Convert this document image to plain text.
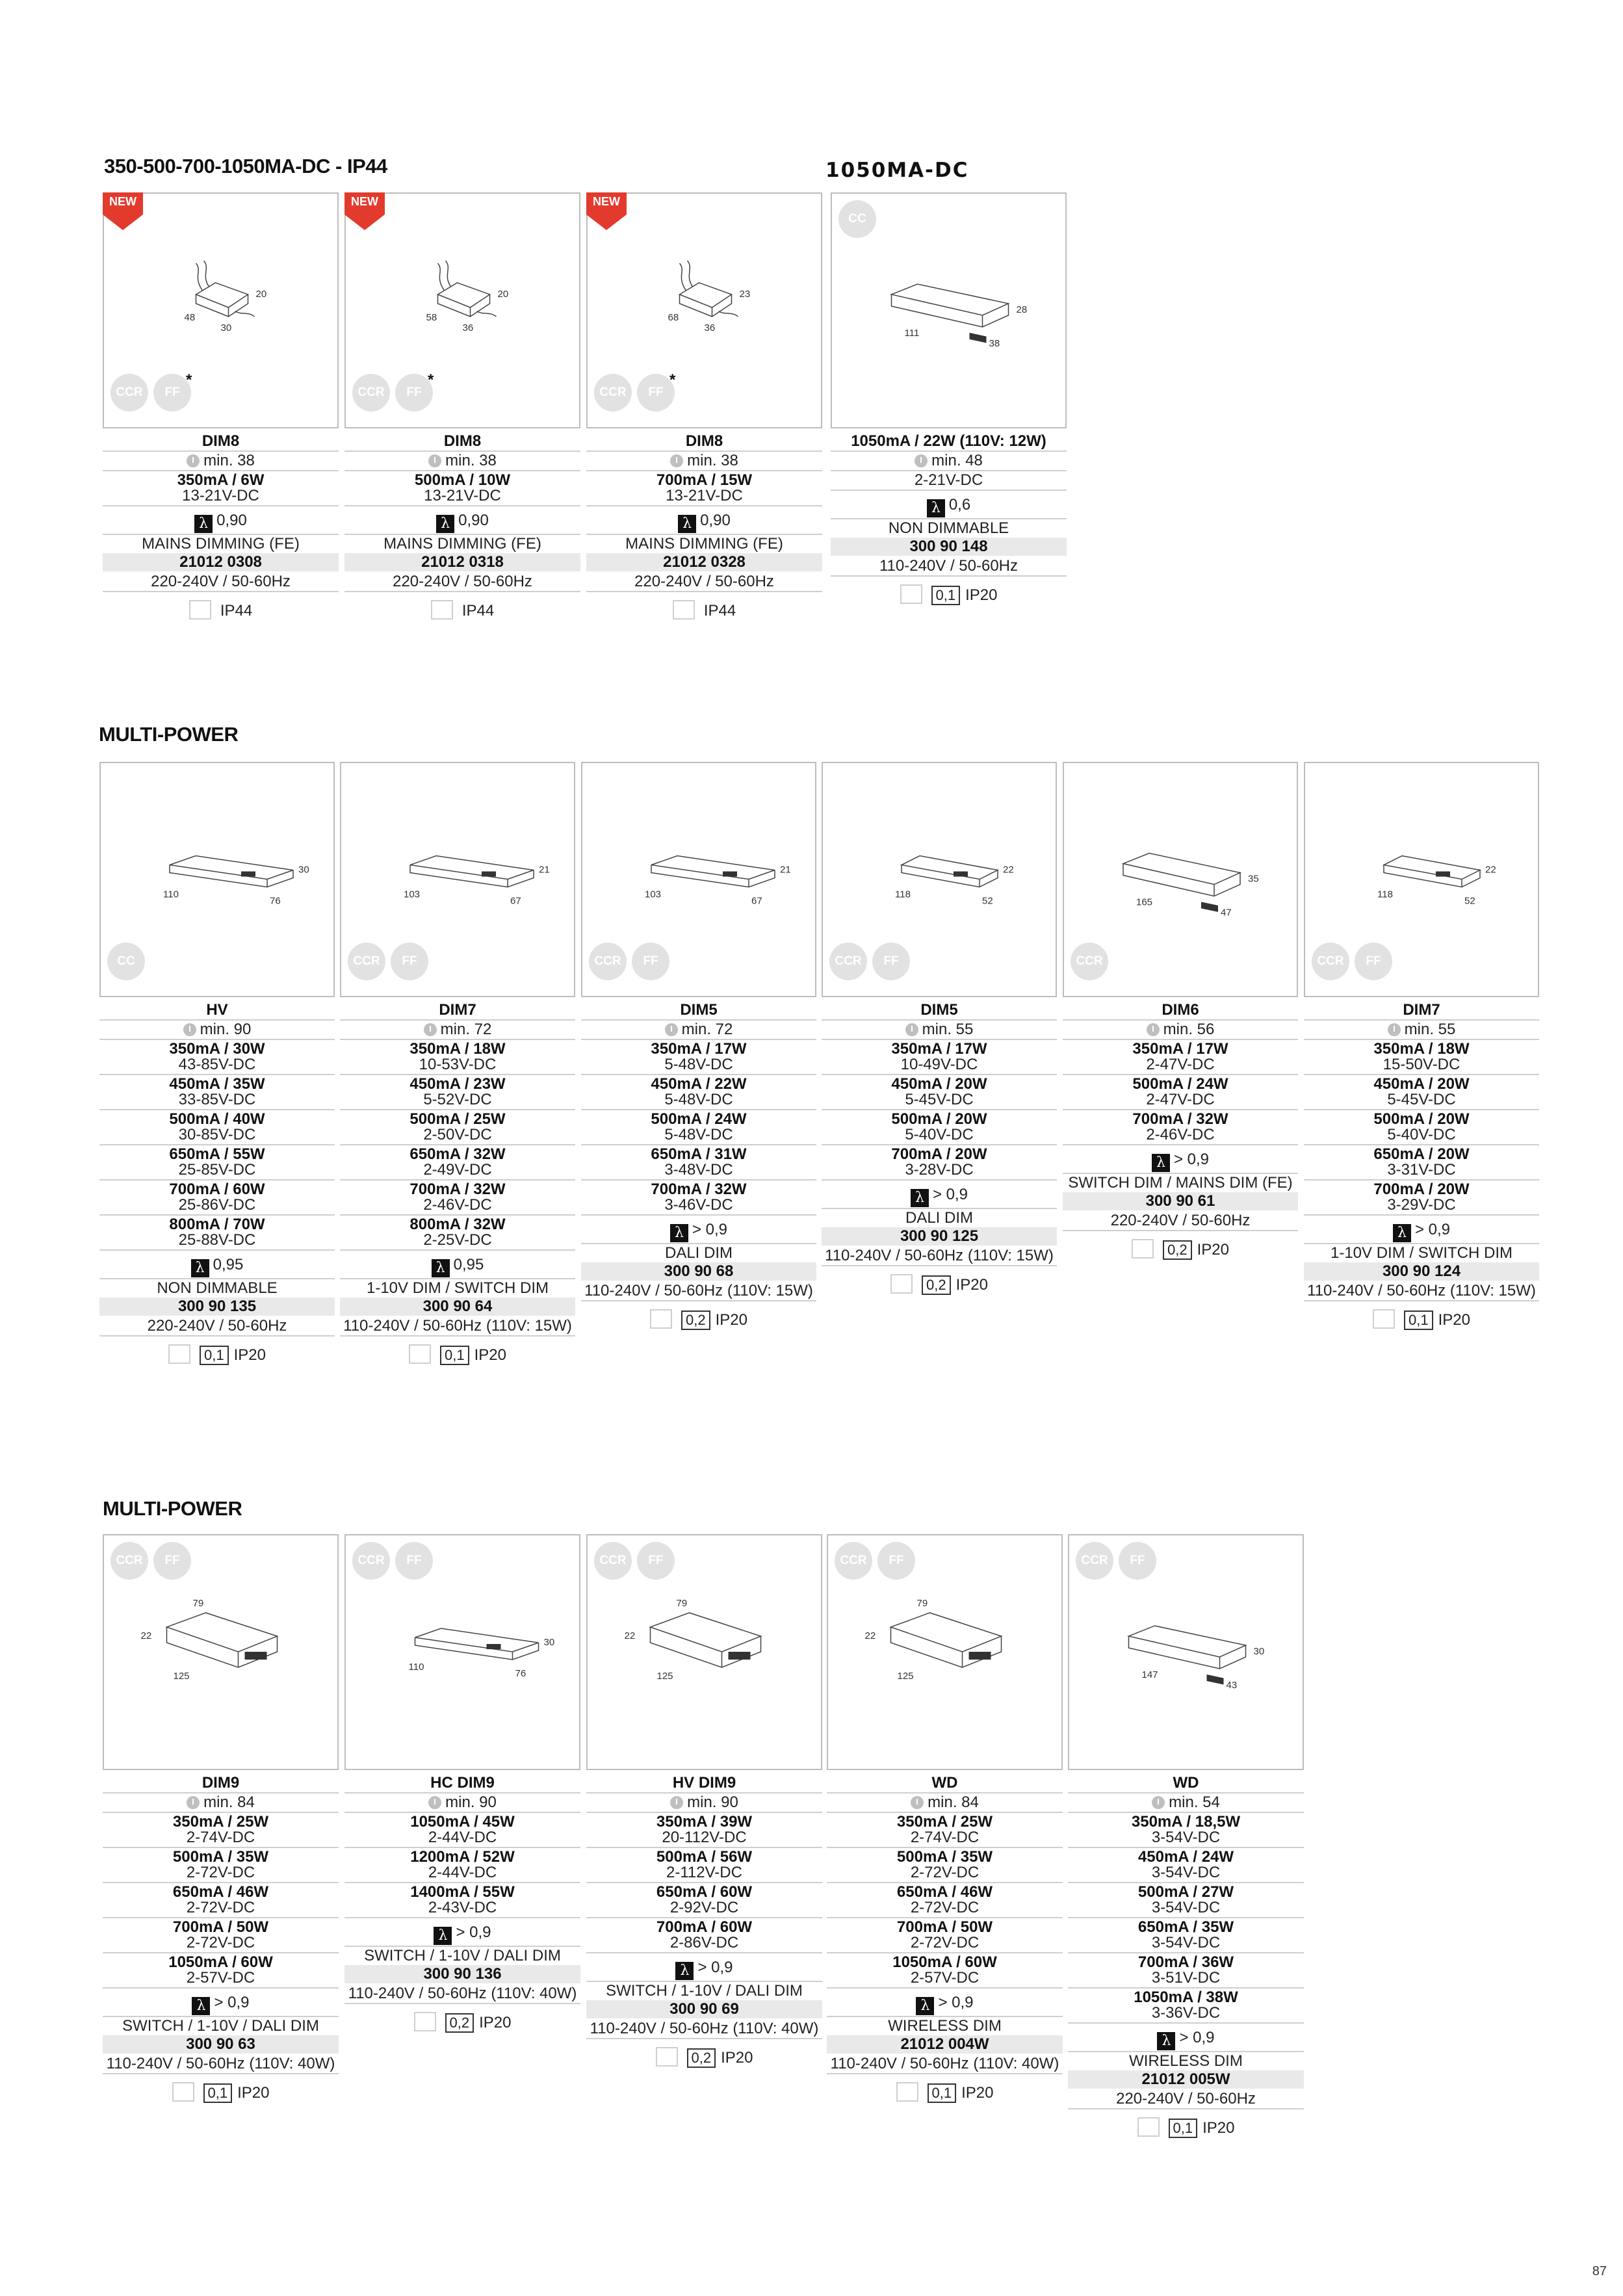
350-500-700-1050MA-DC - IP44	1050MA-DC
MULTI-POWER
MULTI-POWER
48
30
20
NEW
CCR	FF
*
DIM8
min. 38
350mA / 6W
13-21V-DC
λ 0,90
MAINS DIMMING (FE)
21012 0308
220-240V / 50-60Hz
IP44
58
36
20
NEW
CCR	FF
*
DIM8
min. 38
500mA / 10W
13-21V-DC
λ 0,90
MAINS DIMMING (FE)
21012 0318
220-240V / 50-60Hz
IP44
68
36
23
NEW
CCR	FF
*
DIM8
min. 38
700mA / 15W
13-21V-DC
λ 0,90
MAINS DIMMING (FE)
21012 0328
220-240V / 50-60Hz
IP44
111
38
28
CC
1050mA / 22W (110V: 12W)
min. 48
2-21V-DC
λ 0,6
NON DIMMABLE
300 90 148
110-240V / 50-60Hz
0,1 IP20
110
76
30
CC
HV
min. 90
350mA / 30W
43-85V-DC
450mA / 35W
33-85V-DC
500mA / 40W
30-85V-DC
650mA / 55W
25-85V-DC
700mA / 60W
25-86V-DC
800mA / 70W
25-88V-DC
λ 0,95
NON DIMMABLE
300 90 135
220-240V / 50-60Hz
0,1 IP20
103
67
21
CCR	FF
DIM7
min. 72
350mA / 18W
10-53V-DC
450mA / 23W
5-52V-DC
500mA / 25W
2-50V-DC
650mA / 32W
2-49V-DC
700mA / 32W
2-46V-DC
800mA / 32W
2-25V-DC
λ 0,95
1-10V DIM / SWITCH DIM
300 90 64
110-240V / 50-60Hz (110V: 15W)
0,1 IP20
103
67
21
CCR	FF
DIM5
min. 72
350mA / 17W
5-48V-DC
450mA / 22W
5-48V-DC
500mA / 24W
5-48V-DC
650mA / 31W
3-48V-DC
700mA / 32W
3-46V-DC
λ > 0,9
DALI DIM
300 90 68
110-240V / 50-60Hz (110V: 15W)
0,2 IP20
118
52
22
CCR	FF
DIM5
min. 55
350mA / 17W
10-49V-DC
450mA / 20W
5-45V-DC
500mA / 20W
5-40V-DC
700mA / 20W
3-28V-DC
λ > 0,9
DALI DIM
300 90 125
110-240V / 50-60Hz (110V: 15W)
0,2 IP20
165
47
35
CCR
DIM6
min. 56
350mA / 17W
2-47V-DC
500mA / 24W
2-47V-DC
700mA / 32W
2-46V-DC
λ > 0,9
SWITCH DIM / MAINS DIM (FE)
300 90 61
220-240V / 50-60Hz
0,2 IP20
118
52
22
CCR	FF
DIM7
min. 55
350mA / 18W
15-50V-DC
450mA / 20W
5-45V-DC
500mA / 20W
5-40V-DC
650mA / 20W
3-31V-DC
700mA / 20W
3-29V-DC
λ > 0,9
1-10V DIM / SWITCH DIM
300 90 124
110-240V / 50-60Hz (110V: 15W)
0,1 IP20
125
79
22
CCR	FF
DIM9
min. 84
350mA / 25W
2-74V-DC
500mA / 35W
2-72V-DC
650mA / 46W
2-72V-DC
700mA / 50W
2-72V-DC
1050mA / 60W
2-57V-DC
λ > 0,9
SWITCH / 1-10V / DALI DIM
300 90 63
110-240V / 50-60Hz (110V: 40W)
0,1 IP20
110
76
30
CCR	FF
HC DIM9
min. 90
1050mA / 45W
2-44V-DC
1200mA / 52W
2-44V-DC
1400mA / 55W
2-43V-DC
λ > 0,9
SWITCH / 1-10V / DALI DIM
300 90 136
110-240V / 50-60Hz (110V: 40W)
0,2 IP20
125
79
22
CCR	FF
HV DIM9
min. 90
350mA / 39W
20-112V-DC
500mA / 56W
2-112V-DC
650mA / 60W
2-92V-DC
700mA / 60W
2-86V-DC
λ > 0,9
SWITCH / 1-10V / DALI DIM
300 90 69
110-240V / 50-60Hz (110V: 40W)
0,2 IP20
125
79
22
CCR	FF
WD
min. 84
350mA / 25W
2-74V-DC
500mA / 35W
2-72V-DC
650mA / 46W
2-72V-DC
700mA / 50W
2-72V-DC
1050mA / 60W
2-57V-DC
λ > 0,9
WIRELESS DIM
21012 004W
110-240V / 50-60Hz (110V: 40W)
0,1 IP20
147
43
30
CCR	FF
WD
min. 54
350mA / 18,5W
3-54V-DC
450mA / 24W
3-54V-DC
500mA / 27W
3-54V-DC
650mA / 35W
3-54V-DC
700mA / 36W
3-51V-DC
1050mA / 38W
3-36V-DC
λ > 0,9
WIRELESS DIM
21012 005W
220-240V / 50-60Hz
0,1 IP20
87
